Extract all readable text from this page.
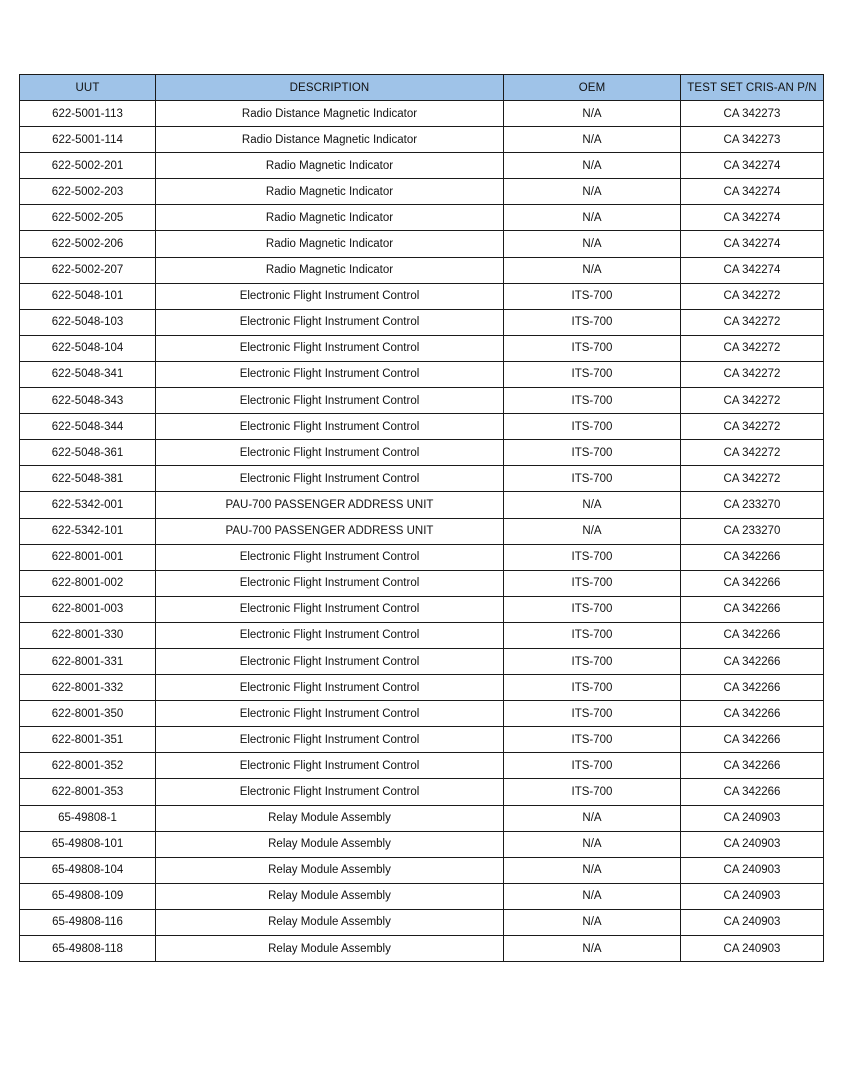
UUT	DESCRIPTION	OEM	TEST SET CRIS-AN P/N
622-5001-113	Radio Distance Magnetic Indicator	N/A	CA 342273
622-5001-114	Radio Distance Magnetic Indicator	N/A	CA 342273
622-5002-201	Radio Magnetic Indicator	N/A	CA 342274
622-5002-203	Radio Magnetic Indicator	N/A	CA 342274
622-5002-205	Radio Magnetic Indicator	N/A	CA 342274
622-5002-206	Radio Magnetic Indicator	N/A	CA 342274
622-5002-207	Radio Magnetic Indicator	N/A	CA 342274
622-5048-101	Electronic Flight Instrument Control	ITS-700	CA 342272
622-5048-103	Electronic Flight Instrument Control	ITS-700	CA 342272
622-5048-104	Electronic Flight Instrument Control	ITS-700	CA 342272
622-5048-341	Electronic Flight Instrument Control	ITS-700	CA 342272
622-5048-343	Electronic Flight Instrument Control	ITS-700	CA 342272
622-5048-344	Electronic Flight Instrument Control	ITS-700	CA 342272
622-5048-361	Electronic Flight Instrument Control	ITS-700	CA 342272
622-5048-381	Electronic Flight Instrument Control	ITS-700	CA 342272
622-5342-001	PAU-700 PASSENGER ADDRESS UNIT	N/A	CA 233270
622-5342-101	PAU-700 PASSENGER ADDRESS UNIT	N/A	CA 233270
622-8001-001	Electronic Flight Instrument Control	ITS-700	CA 342266
622-8001-002	Electronic Flight Instrument Control	ITS-700	CA 342266
622-8001-003	Electronic Flight Instrument Control	ITS-700	CA 342266
622-8001-330	Electronic Flight Instrument Control	ITS-700	CA 342266
622-8001-331	Electronic Flight Instrument Control	ITS-700	CA 342266
622-8001-332	Electronic Flight Instrument Control	ITS-700	CA 342266
622-8001-350	Electronic Flight Instrument Control	ITS-700	CA 342266
622-8001-351	Electronic Flight Instrument Control	ITS-700	CA 342266
622-8001-352	Electronic Flight Instrument Control	ITS-700	CA 342266
622-8001-353	Electronic Flight Instrument Control	ITS-700	CA 342266
65-49808-1	Relay Module Assembly	N/A	CA 240903
65-49808-101	Relay Module Assembly	N/A	CA 240903
65-49808-104	Relay Module Assembly	N/A	CA 240903
65-49808-109	Relay Module Assembly	N/A	CA 240903
65-49808-116	Relay Module Assembly	N/A	CA 240903
65-49808-118	Relay Module Assembly	N/A	CA 240903
